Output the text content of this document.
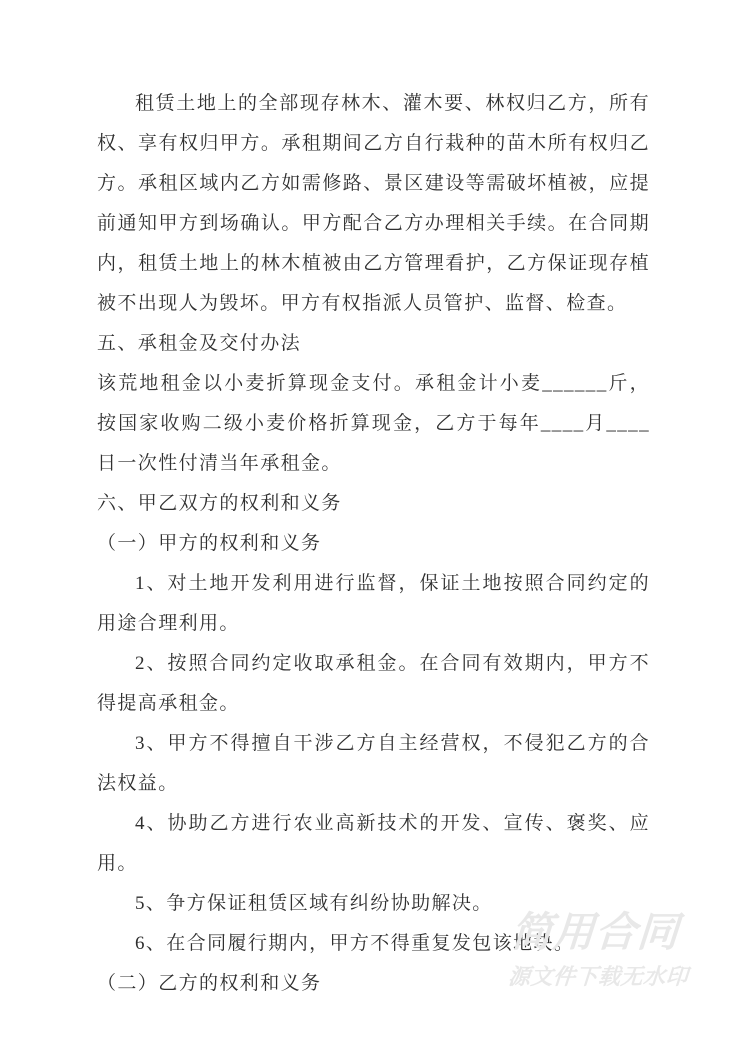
租赁土地上的全部现存林木、灌木要、林权归乙方，所有权、享有权归甲方。承租期间乙方自行栽种的苗木所有权归乙方。承租区域内乙方如需修路、景区建设等需破坏植被，应提前通知甲方到场确认。甲方配合乙方办理相关手续。在合同期内，租赁土地上的林木植被由乙方管理看护，乙方保证现存植被不出现人为毁坏。甲方有权指派人员管护、监督、检查。

五、承租金及交付办法

该荒地租金以小麦折算现金支付。承租金计小麦______斤，按国家收购二级小麦价格折算现金，乙方于每年____月____日一次性付清当年承租金。

六、甲乙双方的权利和义务

（一）甲方的权利和义务

1、对土地开发利用进行监督，保证土地按照合同约定的用途合理利用。

2、按照合同约定收取承租金。在合同有效期内，甲方不得提高承租金。

3、甲方不得擅自干涉乙方自主经营权，不侵犯乙方的合法权益。

4、协助乙方进行农业高新技术的开发、宣传、褒奖、应用。

5、争方保证租赁区域有纠纷协助解决。

6、在合同履行期内，甲方不得重复发包该地块。

（二）乙方的权利和义务

简用合同
源文件下载无水印
